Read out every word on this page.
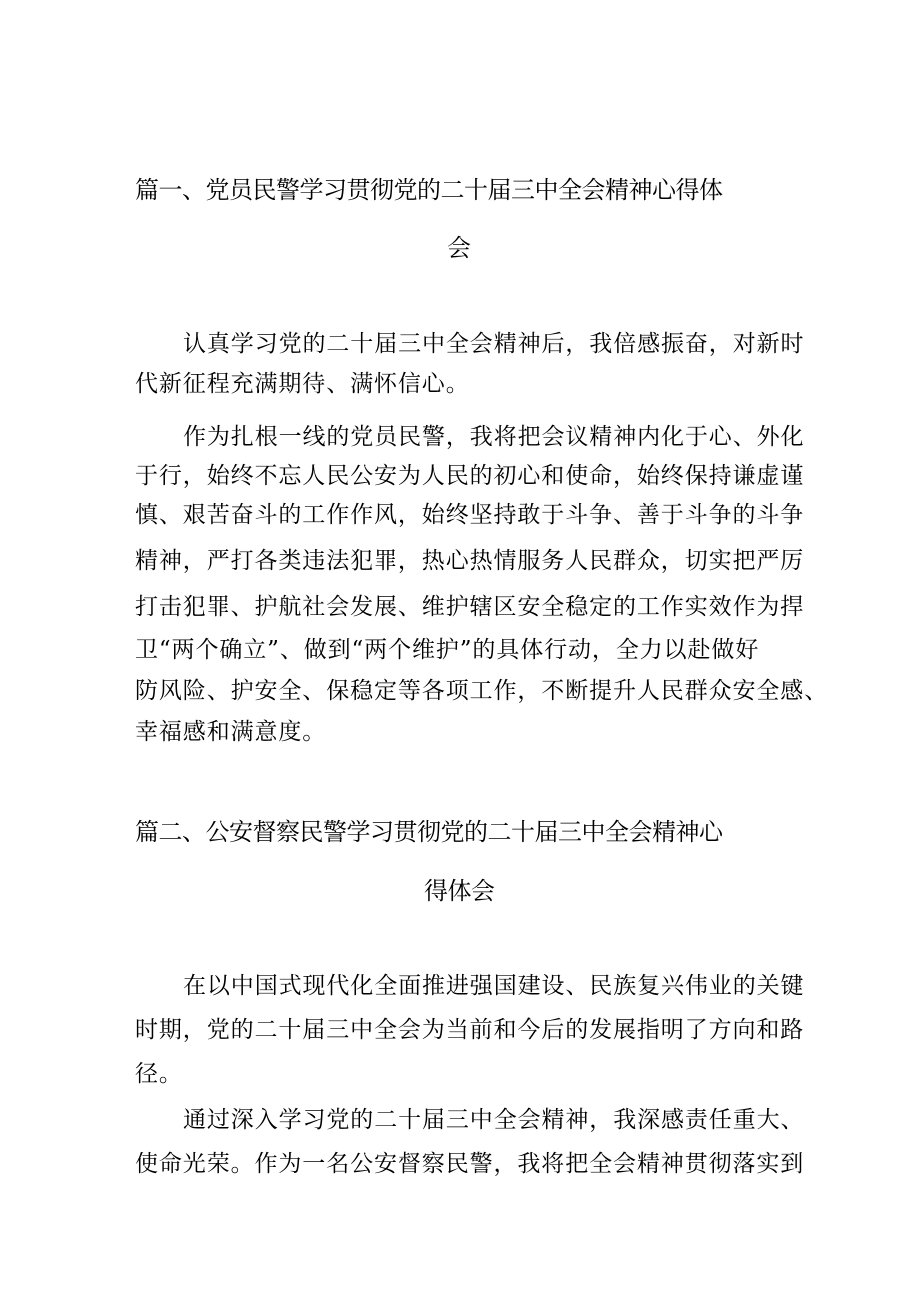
篇一、党员民警学习贯彻党的二十届三中全会精神心得体
会
认真学习党的二十届三中全会精神后，我倍感振奋，对新时
代新征程充满期待、满怀信心。
作为扎根一线的党员民警，我将把会议精神内化于心、外化
于行，始终不忘人民公安为人民的初心和使命，始终保持谦虚谨
慎、艰苦奋斗的工作作风，始终坚持敢于斗争、善于斗争的斗争
精神，严打各类违法犯罪，热心热情服务人民群众，切实把严厉
打击犯罪、护航社会发展、维护辖区安全稳定的工作实效作为捍
卫“两个确立”、做到“两个维护”的具体行动，全力以赴做好
防风险、护安全、保稳定等各项工作，不断提升人民群众安全感、
幸福感和满意度。
篇二、公安督察民警学习贯彻党的二十届三中全会精神心
得体会
在以中国式现代化全面推进强国建设、民族复兴伟业的关键
时期，党的二十届三中全会为当前和今后的发展指明了方向和路
径。
通过深入学习党的二十届三中全会精神，我深感责任重大、
使命光荣。作为一名公安督察民警，我将把全会精神贯彻落实到
